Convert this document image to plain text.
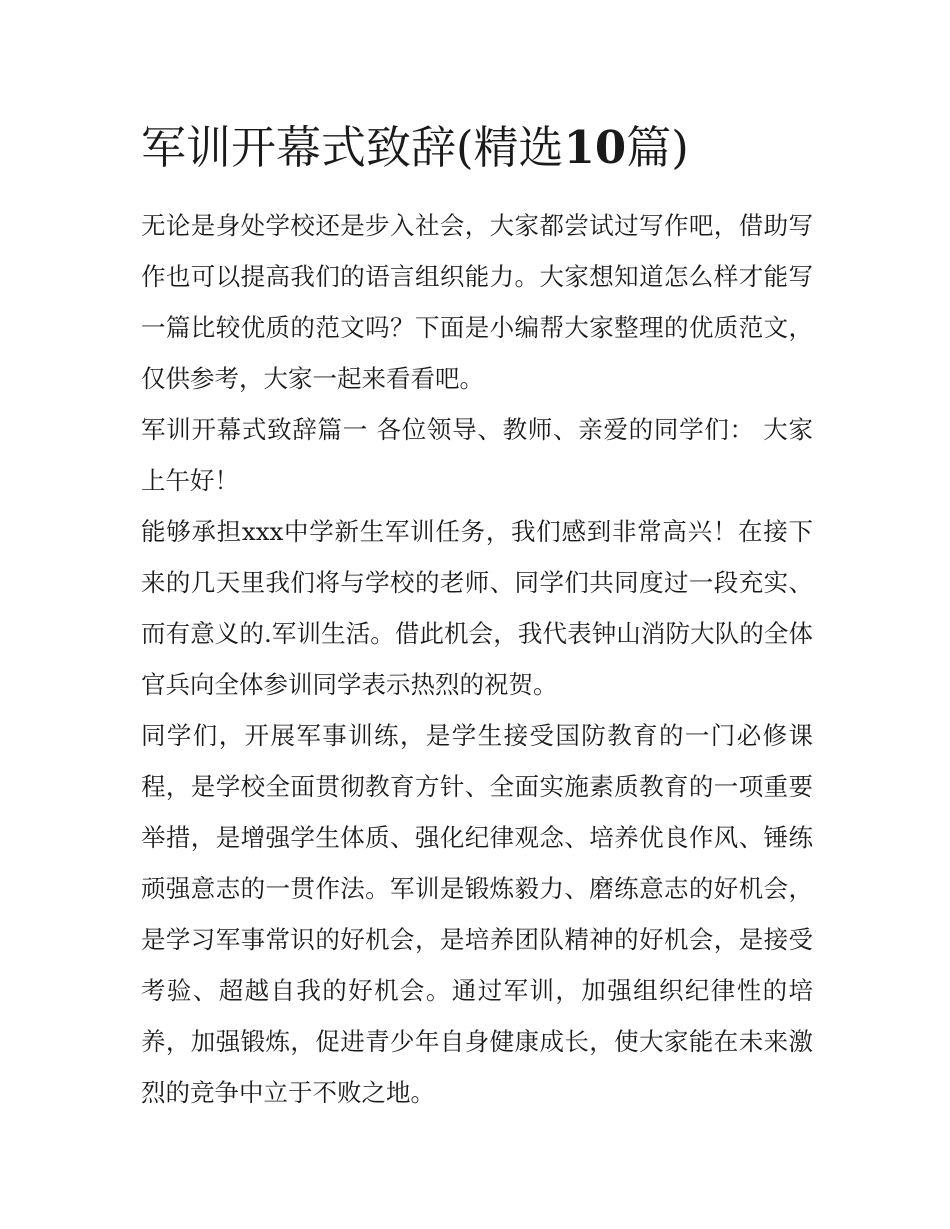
军训开幕式致辞(精选10篇)

无论是身处学校还是步入社会，大家都尝试过写作吧，借助写作也可以提高我们的语言组织能力。大家想知道怎么样才能写一篇比较优质的范文吗？下面是小编帮大家整理的优质范文，仅供参考，大家一起来看看吧。

军训开幕式致辞篇一 各位领导、教师、亲爱的同学们： 大家上午好！

能够承担xxx中学新生军训任务，我们感到非常高兴！在接下来的几天里我们将与学校的老师、同学们共同度过一段充实、而有意义的.军训生活。借此机会，我代表钟山消防大队的全体官兵向全体参训同学表示热烈的祝贺。

同学们，开展军事训练，是学生接受国防教育的一门必修课程，是学校全面贯彻教育方针、全面实施素质教育的一项重要举措，是增强学生体质、强化纪律观念、培养优良作风、锤练顽强意志的一贯作法。军训是锻炼毅力、磨练意志的好机会，是学习军事常识的好机会，是培养团队精神的好机会，是接受考验、超越自我的好机会。通过军训，加强组织纪律性的培养，加强锻炼，促进青少年自身健康成长，使大家能在未来激烈的竞争中立于不败之地。
